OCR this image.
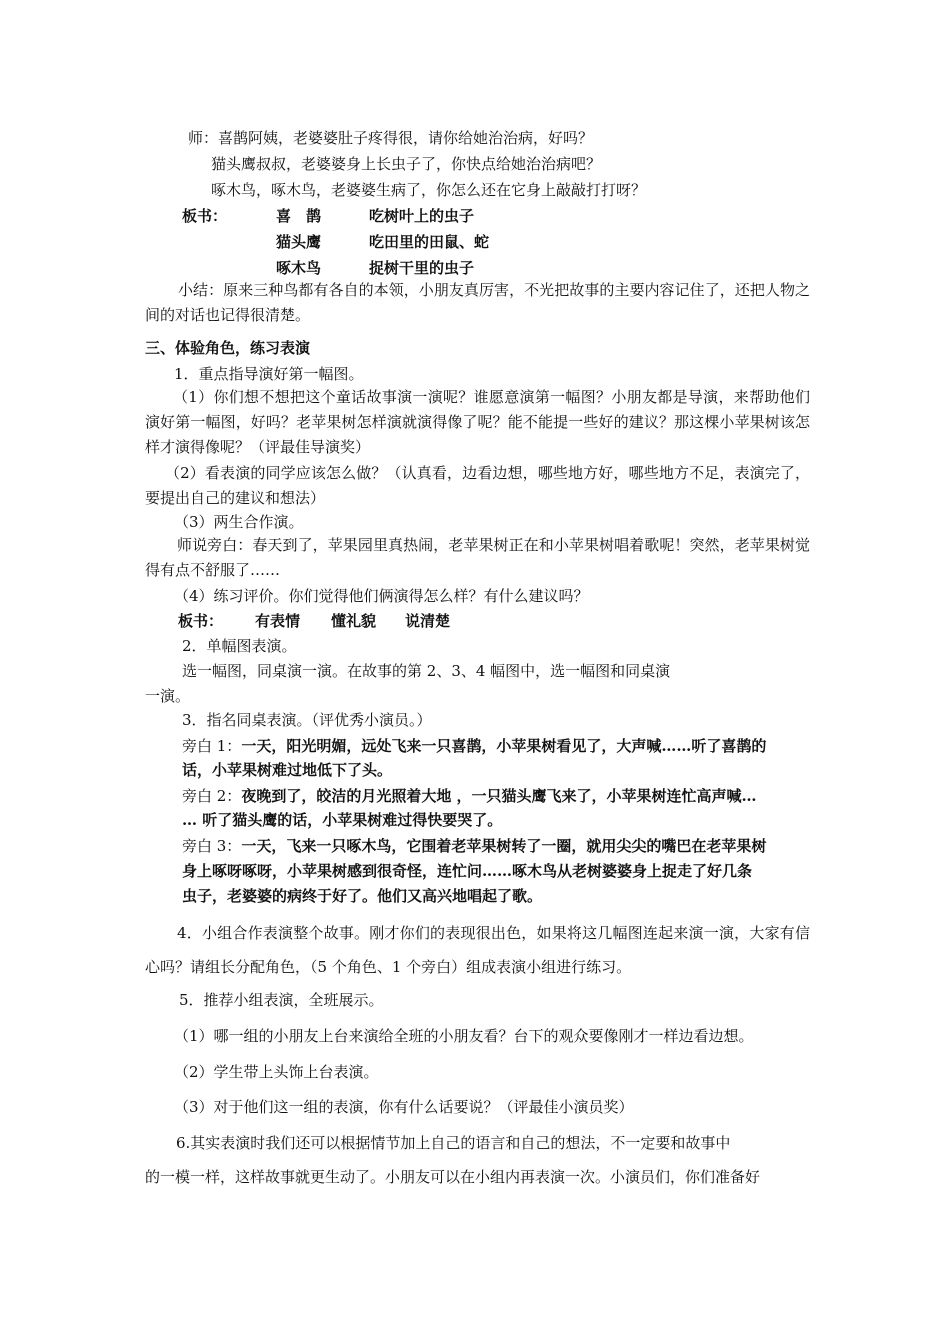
师：喜鹊阿姨，老婆婆肚子疼得很，请你给她治治病，好吗？
猫头鹰叔叔，老婆婆身上长虫子了，你快点给她治治病吧？
啄木鸟，啄木鸟，老婆婆生病了，你怎么还在它身上敲敲打打呀？
板书：	喜　鹊	吃树叶上的虫子
猫头鹰	吃田里的田鼠、蛇
啄木鸟	捉树干里的虫子
小结：原来三种鸟都有各自的本领，小朋友真厉害，不光把故事的主要内容记住了，还把人物之间的对话也记得很清楚。
三、体验角色，练习表演
1．重点指导演好第一幅图。
（1）你们想不想把这个童话故事演一演呢？谁愿意演第一幅图？小朋友都是导演，来帮助他们演好第一幅图，好吗？老苹果树怎样演就演得像了呢？能不能提一些好的建议？那这棵小苹果树该怎样才演得像呢？（评最佳导演奖）
（2）看表演的同学应该怎么做？（认真看，边看边想，哪些地方好，哪些地方不足，表演完了，要提出自己的建议和想法）
（3）两生合作演。
师说旁白：春天到了，苹果园里真热闹，老苹果树正在和小苹果树唱着歌呢！突然，老苹果树觉得有点不舒服了……
（4）练习评价。你们觉得他们俩演得怎么样？有什么建议吗？
板书： 有表情 懂礼貌 说清楚
2．单幅图表演。
选一幅图，同桌演一演。在故事的第 2、3、4 幅图中，选一幅图和同桌演
一演。
3．指名同桌表演。（评优秀小演员。）
旁白 1：一天，阳光明媚，远处飞来一只喜鹊，小苹果树看见了，大声喊……听了喜鹊的
话，小苹果树难过地低下了头。
旁白 2：夜晚到了，皎洁的月光照着大地 ，一只猫头鹰飞来了，小苹果树连忙高声喊…
… 听了猫头鹰的话，小苹果树难过得快要哭了。
旁白 3：一天，飞来一只啄木鸟，它围着老苹果树转了一圈，就用尖尖的嘴巴在老苹果树
身上啄呀啄呀，小苹果树感到很奇怪，连忙问……啄木鸟从老树婆婆身上捉走了好几条
虫子，老婆婆的病终于好了。他们又高兴地唱起了歌。
4．小组合作表演整个故事。刚才你们的表现很出色，如果将这几幅图连起来演一演，大家有信心吗？请组长分配角色，（5 个角色、1 个旁白）组成表演小组进行练习。
5．推荐小组表演，全班展示。
（1）哪一组的小朋友上台来演给全班的小朋友看？台下的观众要像刚才一样边看边想。
（2）学生带上头饰上台表演。
（3）对于他们这一组的表演，你有什么话要说？（评最佳小演员奖）
6.其实表演时我们还可以根据情节加上自己的语言和自己的想法，不一定要和故事中
的一模一样，这样故事就更生动了。小朋友可以在小组内再表演一次。小演员们，你们准备好
